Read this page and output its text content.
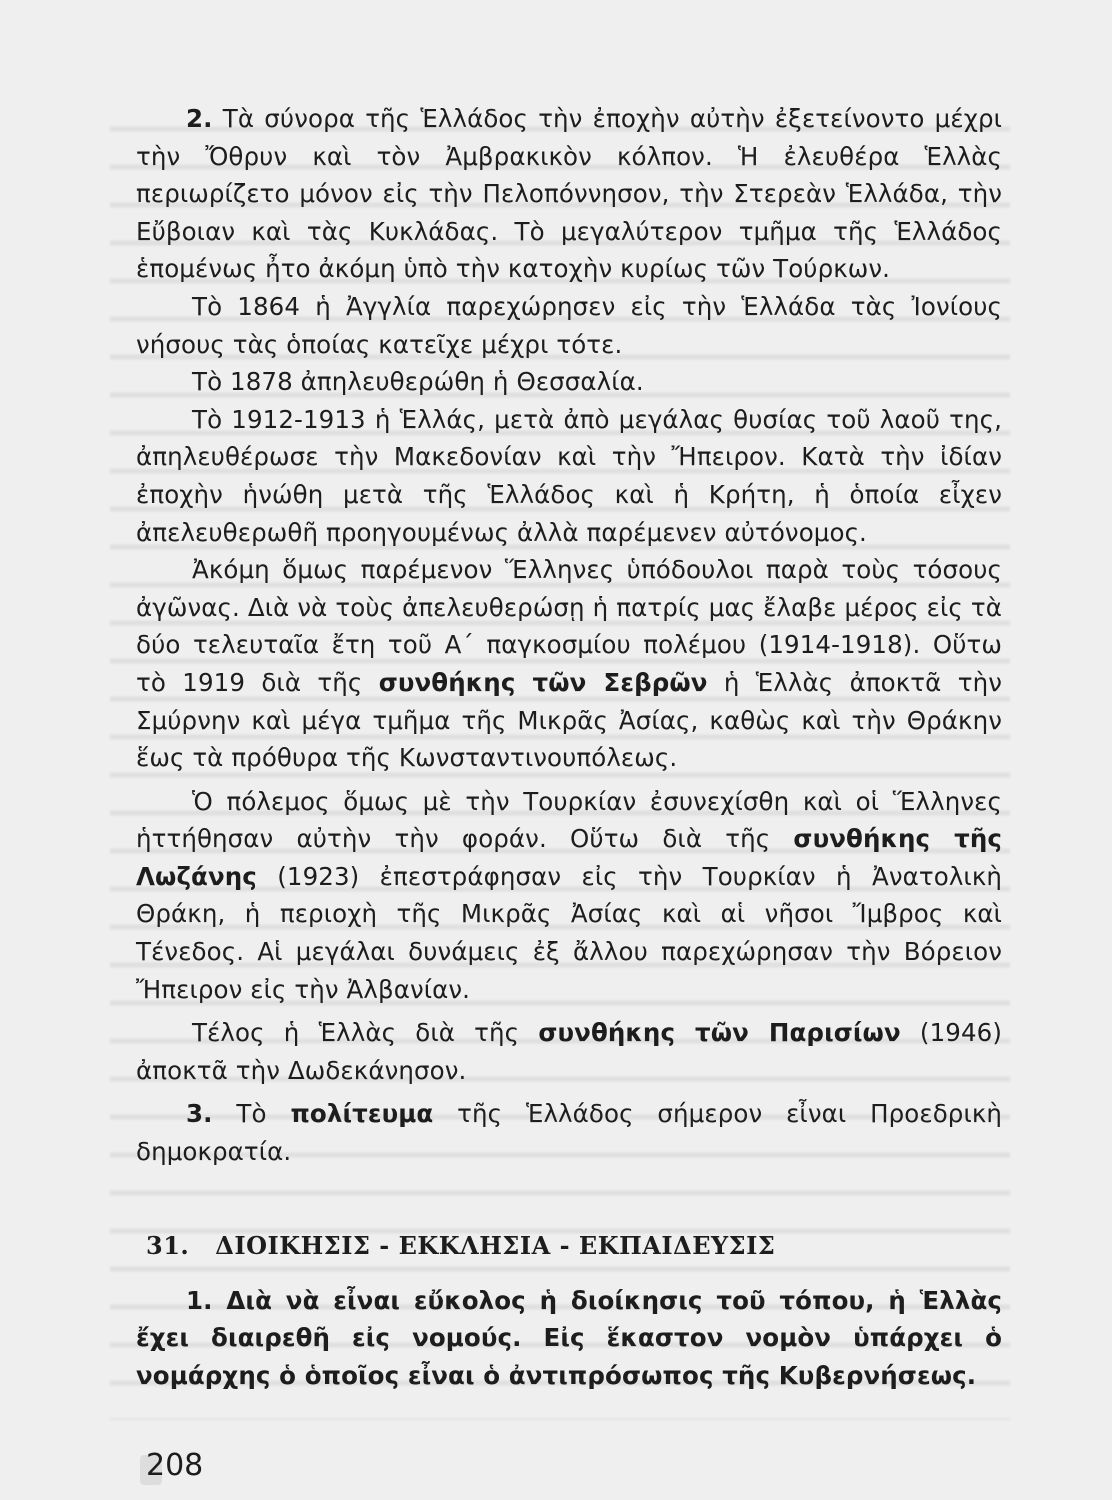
2. Τὰ σύνορα τῆς Ἑλλάδος τὴν ἐποχὴν αὐτὴν ἐξετείνοντο μέχρι τὴν Ὄθρυν καὶ τὸν Ἀμβρακικὸν κόλπον. Ἡ ἐλευθέρα Ἑλλὰς περιωρίζετο μόνον εἰς τὴν Πελοπόννησον, τὴν Στερεὰν Ἑλλάδα, τὴν Εὔβοιαν καὶ τὰς Κυκλάδας. Τὸ μεγαλύτερον τμῆμα τῆς Ἑλλάδος ἑπομένως ἦτο ἀκόμη ὑπὸ τὴν κατοχὴν κυρίως τῶν Τούρκων.

Τὸ 1864 ἡ Ἀγγλία παρεχώρησεν εἰς τὴν Ἑλλάδα τὰς Ἰονίους νήσους τὰς ὁποίας κατεῖχε μέχρι τότε.

Τὸ 1878 ἀπηλευθερώθη ἡ Θεσσαλία.

Τὸ 1912-1913 ἡ Ἑλλάς, μετὰ ἀπὸ μεγάλας θυσίας τοῦ λαοῦ της, ἀπηλευθέρωσε τὴν Μακεδονίαν καὶ τὴν Ἤπειρον. Κατὰ τὴν ἰδίαν ἐποχὴν ἡνώθη μετὰ τῆς Ἑλλάδος καὶ ἡ Κρήτη, ἡ ὁποία εἶχεν ἀπελευθερωθῆ προηγουμένως ἀλλὰ παρέμενεν αὐτόνομος.

Ἀκόμη ὅμως παρέμενον Ἕλληνες ὑπόδουλοι παρὰ τοὺς τόσους ἀγῶνας. Διὰ νὰ τοὺς ἀπελευθερώσῃ ἡ πατρίς μας ἔλαβε μέρος εἰς τὰ δύο τελευταῖα ἔτη τοῦ Α΄ παγκοσμίου πολέμου (1914-1918). Οὕτω τὸ 1919 διὰ τῆς συνθήκης τῶν Σεβρῶν ἡ Ἑλλὰς ἀποκτᾶ τὴν Σμύρνην καὶ μέγα τμῆμα τῆς Μικρᾶς Ἀσίας, καθὼς καὶ τὴν Θράκην ἕως τὰ πρόθυρα τῆς Κωνσταντινουπόλεως.

Ὁ πόλεμος ὅμως μὲ τὴν Τουρκίαν ἐσυνεχίσθη καὶ οἱ Ἕλληνες ἡττήθησαν αὐτὴν τὴν φοράν. Οὕτω διὰ τῆς συνθήκης τῆς Λωζάνης (1923) ἐπεστράφησαν εἰς τὴν Τουρκίαν ἡ Ἀνατολικὴ Θράκη, ἡ περιοχὴ τῆς Μικρᾶς Ἀσίας καὶ αἱ νῆσοι Ἴμβρος καὶ Τένεδος. Αἱ μεγάλαι δυνάμεις ἐξ ἄλλου παρεχώρησαν τὴν Βόρειον Ἤπειρον εἰς τὴν Ἀλβανίαν.

Τέλος ἡ Ἑλλὰς διὰ τῆς συνθήκης τῶν Παρισίων (1946) ἀποκτᾶ τὴν Δωδεκάνησον.

3. Τὸ πολίτευμα τῆς Ἑλλάδος σήμερον εἶναι Προεδρικὴ δημοκρατία.

31. ΔΙΟΙΚΗΣΙΣ - ΕΚΚΛΗΣΙΑ - ΕΚΠΑΙΔΕΥΣΙΣ

1. Διὰ νὰ εἶναι εὔκολος ἡ διοίκησις τοῦ τόπου, ἡ Ἑλλὰς ἔχει διαιρεθῆ εἰς νομούς. Εἰς ἕκαστον νομὸν ὑπάρχει ὁ νομάρχης ὁ ὁποῖος εἶναι ὁ ἀντιπρόσωπος τῆς Κυβερνήσεως.

208
